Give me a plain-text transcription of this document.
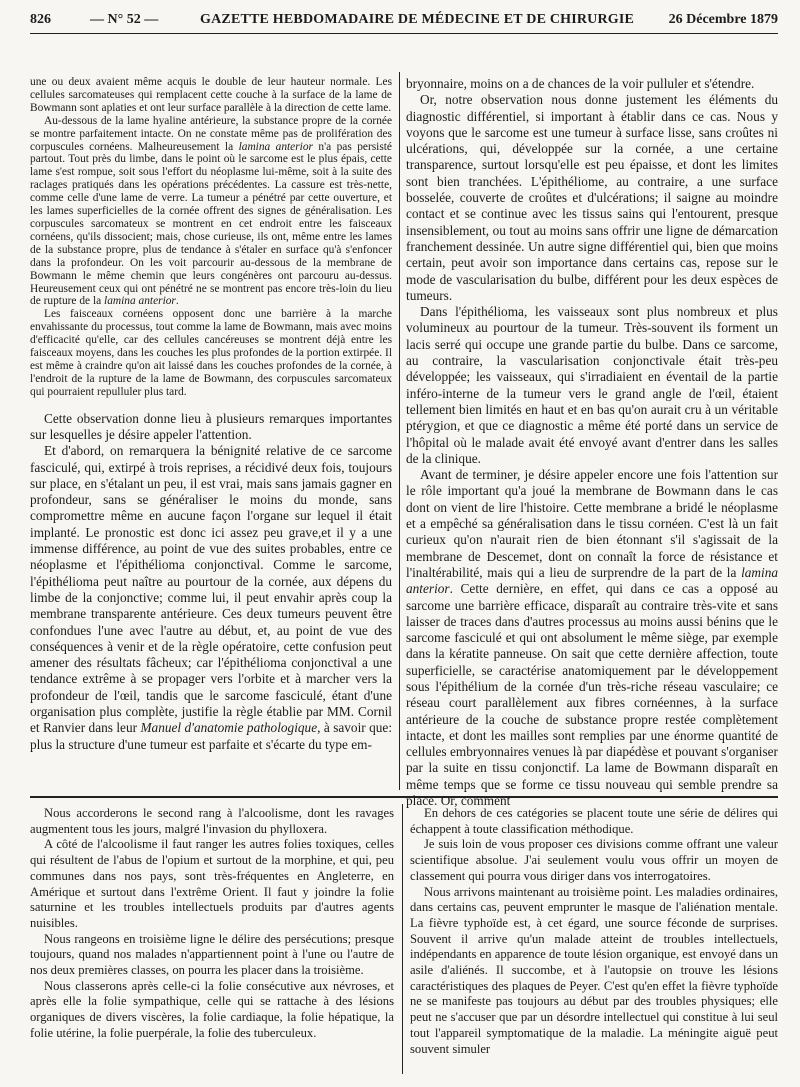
826	— N° 52 —	GAZETTE HEBDOMADAIRE DE MÉDECINE ET DE CHIRURGIE 26 Décembre 1879

une ou deux avaient même acquis le double de leur hauteur normale. Les cellules sarcomateuses qui remplacent cette couche à la surface de la lame de Bowmann sont aplaties et ont leur surface parallèle à la direction de cette lame.

Au-dessous de la lame hyaline antérieure, la substance propre de la cornée se montre parfaitement intacte. On ne constate même pas de prolifération des corpuscules cornéens. Malheureusement la lamina anterior n'a pas persisté partout. Tout près du limbe, dans le point où le sarcome est le plus épais, cette lame s'est rompue, soit sous l'effort du néoplasme lui-même, soit à la suite des raclages pratiqués dans les opérations précédentes. La cassure est très-nette, comme celle d'une lame de verre. La tumeur a pénétré par cette ouverture, et les lames superficielles de la cornée offrent des signes de généralisation. Les corpuscules sarcomateux se montrent en cet endroit entre les faisceaux cornéens, qu'ils dissocient; mais, chose curieuse, ils ont, même entre les lames de la substance propre, plus de tendance à s'étaler en surface qu'à s'enfoncer dans la profondeur. On les voit parcourir au-dessous de la membrane de Bowmann le même chemin que leurs congénères ont parcouru au-dessus. Heureusement ceux qui ont pénétré ne se montrent pas encore très-loin du lieu de rupture de la lamina anterior.

Les faisceaux cornéens opposent donc une barrière à la marche envahissante du processus, tout comme la lame de Bowmann, mais avec moins d'efficacité qu'elle, car des cellules cancéreuses se montrent déjà entre les faisceaux moyens, dans les couches les plus profondes de la portion extirpée. Il est même à craindre qu'on ait laissé dans les couches profondes de la cornée, à l'endroit de la rupture de la lame de Bowmann, des corpuscules sarcomateux qui pourraient repulluler plus tard.

Cette observation donne lieu à plusieurs remarques importantes sur lesquelles je désire appeler l'attention.

Et d'abord, on remarquera la bénignité relative de ce sarcome fasciculé, qui, extirpé à trois reprises, a récidivé deux fois, toujours sur place, en s'étalant un peu, il est vrai, mais sans jamais gagner en profondeur, sans se généraliser le moins du monde, sans compromettre même en aucune façon l'organe sur lequel il était implanté. Le pronostic est donc ici assez peu grave,et il y a une immense différence, au point de vue des suites probables, entre ce néoplasme et l'épithélioma conjonctival. Comme le sarcome, l'épithélioma peut naître au pourtour de la cornée, aux dépens du limbe de la conjonctive; comme lui, il peut envahir après coup la membrane transparente antérieure. Ces deux tumeurs peuvent être confondues l'une avec l'autre au début, et, au point de vue des conséquences à venir et de la règle opératoire, cette confusion peut amener des résultats fâcheux; car l'épithélioma conjonctival a une tendance extrême à se propager vers l'orbite et à marcher vers la profondeur de l'œil, tandis que le sarcome fasciculé, étant d'une organisation plus complète, justifie la règle établie par MM. Cornil et Ranvier dans leur Manuel d'anatomie pathologique, à savoir que: plus la structure d'une tumeur est parfaite et s'écarte du type em-

bryonnaire, moins on a de chances de la voir pulluler et s'étendre.

Or, notre observation nous donne justement les éléments du diagnostic différentiel, si important à établir dans ce cas. Nous y voyons que le sarcome est une tumeur à surface lisse, sans croûtes ni ulcérations, qui, développée sur la cornée, a une certaine transparence, surtout lorsqu'elle est peu épaisse, et dont les limites sont bien tranchées. L'épithéliome, au contraire, a une surface bosselée, couverte de croûtes et d'ulcérations; il saigne au moindre contact et se continue avec les tissus sains qui l'entourent, presque insensiblement, ou tout au moins sans offrir une ligne de démarcation franchement dessinée. Un autre signe différentiel qui, bien que moins certain, peut avoir son importance dans certains cas, repose sur le mode de vascularisation du bulbe, différent pour les deux espèces de tumeurs.

Dans l'épithélioma, les vaisseaux sont plus nombreux et plus volumineux au pourtour de la tumeur. Très-souvent ils forment un lacis serré qui occupe une grande partie du bulbe. Dans ce sarcome, au contraire, la vascularisation conjonctivale était très-peu développée; les vaisseaux, qui s'irradiaient en éventail de la partie inféro-interne de la tumeur vers le grand angle de l'œil, étaient tellement bien limités en haut et en bas qu'on aurait cru à un véritable ptérygion, et que ce diagnostic a même été porté dans un service de l'hôpital où le malade avait été envoyé avant d'entrer dans les salles de la clinique.

Avant de terminer, je désire appeler encore une fois l'attention sur le rôle important qu'a joué la membrane de Bowmann dans le cas dont on vient de lire l'histoire. Cette membrane a bridé le néoplasme et a empêché sa généralisation dans le tissu cornéen. C'est là un fait curieux qu'on n'aurait rien de bien étonnant s'il s'agissait de la membrane de Descemet, dont on connaît la force de résistance et l'inaltérabilité, mais qui a lieu de surprendre de la part de la lamina anterior. Cette dernière, en effet, qui dans ce cas a opposé au sarcome une barrière efficace, disparaît au contraire très-vite et sans laisser de traces dans d'autres processus au moins aussi bénins que le sarcome fasciculé et qui ont absolument le même siège, par exemple dans la kératite panneuse. On sait que cette dernière affection, toute superficielle, se caractérise anatomiquement par le développement sous l'épithélium de la cornée d'un très-riche réseau vasculaire; ce réseau court parallèlement aux fibres cornéennes, à la surface antérieure de la couche de substance propre restée complètement intacte, et dont les mailles sont remplies par une énorme quantité de cellules embryonnaires venues là par diapédèse et pouvant s'organiser par la suite en tissu conjonctif. La lame de Bowmann disparaît en même temps que se forme ce tissu nouveau qui semble prendre sa place. Or, comment

Nous accorderons le second rang à l'alcoolisme, dont les ravages augmentent tous les jours, malgré l'invasion du phylloxera.

A côté de l'alcoolisme il faut ranger les autres folies toxiques, celles qui résultent de l'abus de l'opium et surtout de la morphine, et qui, peu communes dans nos pays, sont très-fréquentes en Angleterre, en Amérique et surtout dans l'extrême Orient. Il faut y joindre la folie saturnine et les troubles intellectuels produits par d'autres agents nuisibles.

Nous rangeons en troisième ligne le délire des persécutions; presque toujours, quand nos malades n'appartiennent point à l'une ou l'autre de nos deux premières classes, on pourra les placer dans la troisième.

Nous classerons après celle-ci la folie consécutive aux névroses, et après elle la folie sympathique, celle qui se rattache à des lésions organiques de divers viscères, la folie cardiaque, la folie hépatique, la folie utérine, la folie puerpérale, la folie des tuberculeux.

En dehors de ces catégories se placent toute une série de délires qui échappent à toute classification méthodique.

Je suis loin de vous proposer ces divisions comme offrant une valeur scientifique absolue. J'ai seulement voulu vous offrir un moyen de classement qui pourra vous diriger dans vos interrogatoires.

Nous arrivons maintenant au troisième point. Les maladies ordinaires, dans certains cas, peuvent emprunter le masque de l'aliénation mentale. La fièvre typhoïde est, à cet égard, une source féconde de surprises. Souvent il arrive qu'un malade atteint de troubles intellectuels, indépendants en apparence de toute lésion organique, est envoyé dans un asile d'aliénés. Il succombe, et à l'autopsie on trouve les lésions caractéristiques des plaques de Peyer. C'est qu'en effet la fièvre typhoïde ne se manifeste pas toujours au début par des troubles physiques; elle peut ne s'accuser que par un désordre intellectuel qui constitue à lui seul tout l'appareil symptomatique de la maladie. La méningite aiguë peut souvent simuler
